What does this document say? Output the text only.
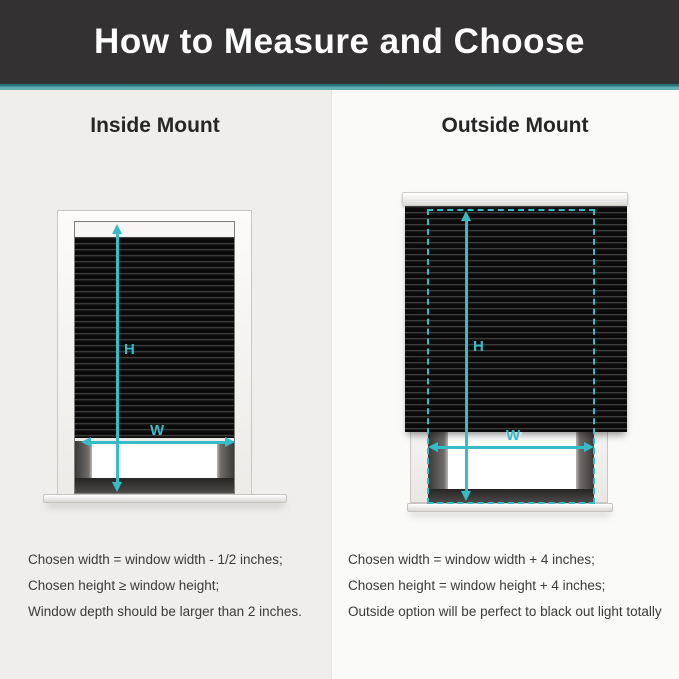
How to Measure and Choose
Inside Mount	Outside Mount
H
W
H
W

Chosen width = window width - 1/2 inches;

Chosen height ≥ window height;

Window depth should be larger than 2 inches.

Chosen width = window width + 4 inches;

Chosen height = window height + 4 inches;

Outside option will be perfect to black out light totally
